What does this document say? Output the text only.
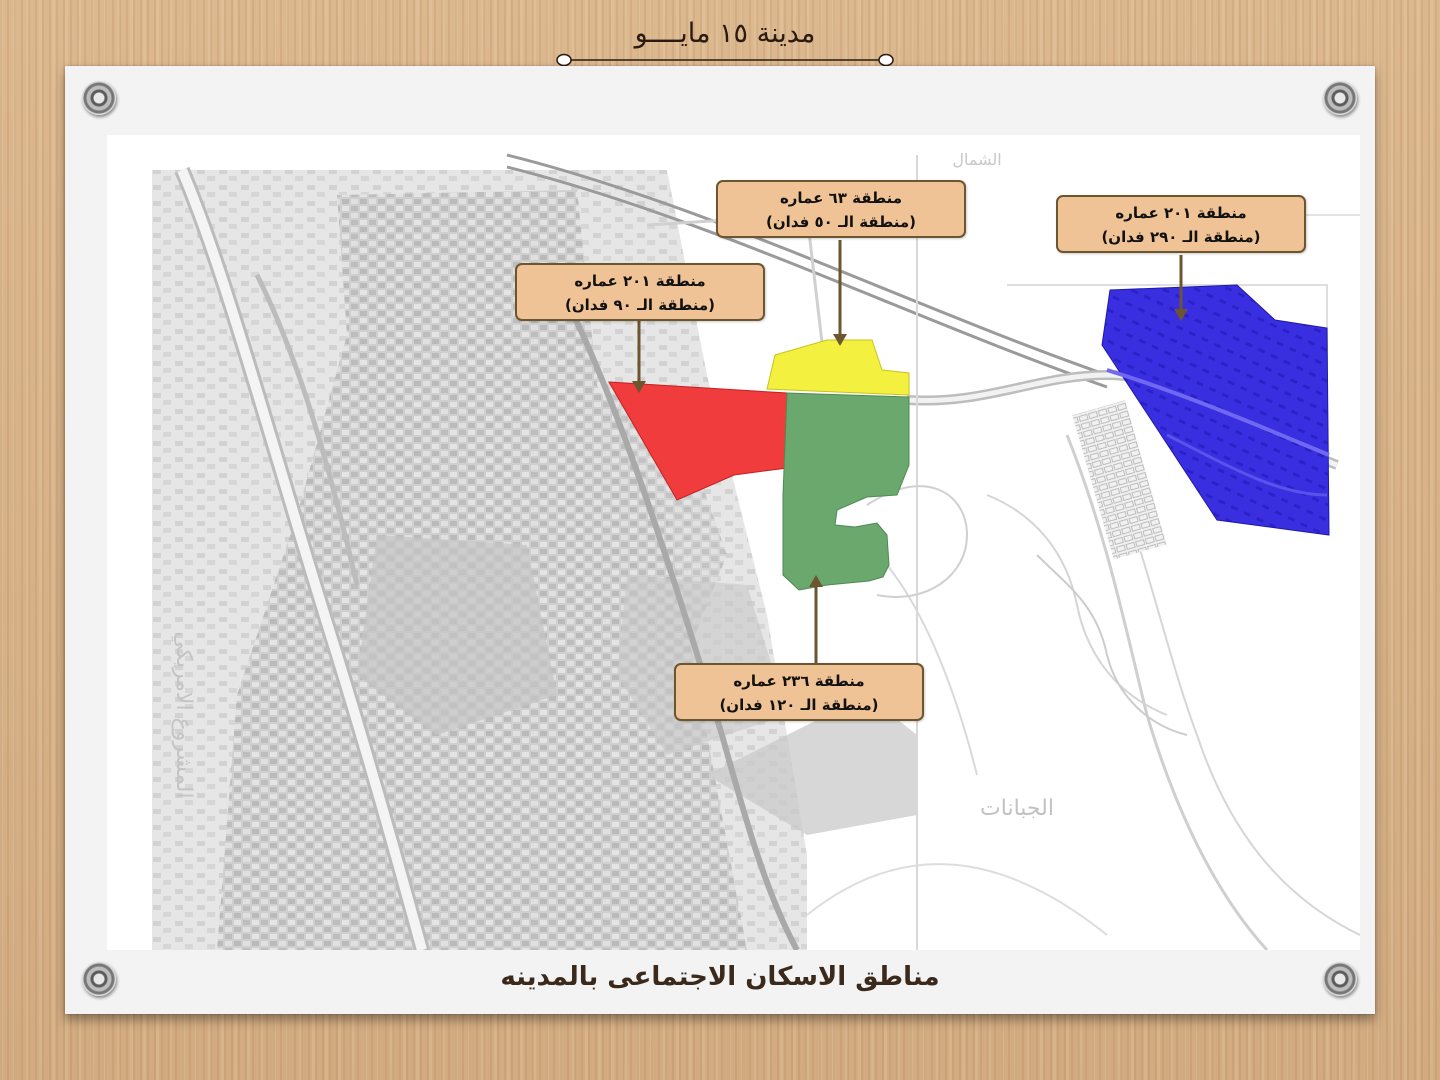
مدينة ١٥ مايــــو
الشمال
الجبانات
المشروع الامريكي
منطقة ٢٠١ عماره
(منطقة الـ ٩٠ فدان)
منطقة ٦٣ عماره
(منطقة الـ ٥٠ فدان)	منطقة ٢٠١ عماره
(منطقة الـ ٢٩٠ فدان)
منطقة ٢٣٦ عماره
(منطقة الـ ١٢٠ فدان)
مناطق الاسكان الاجتماعى بالمدينه
